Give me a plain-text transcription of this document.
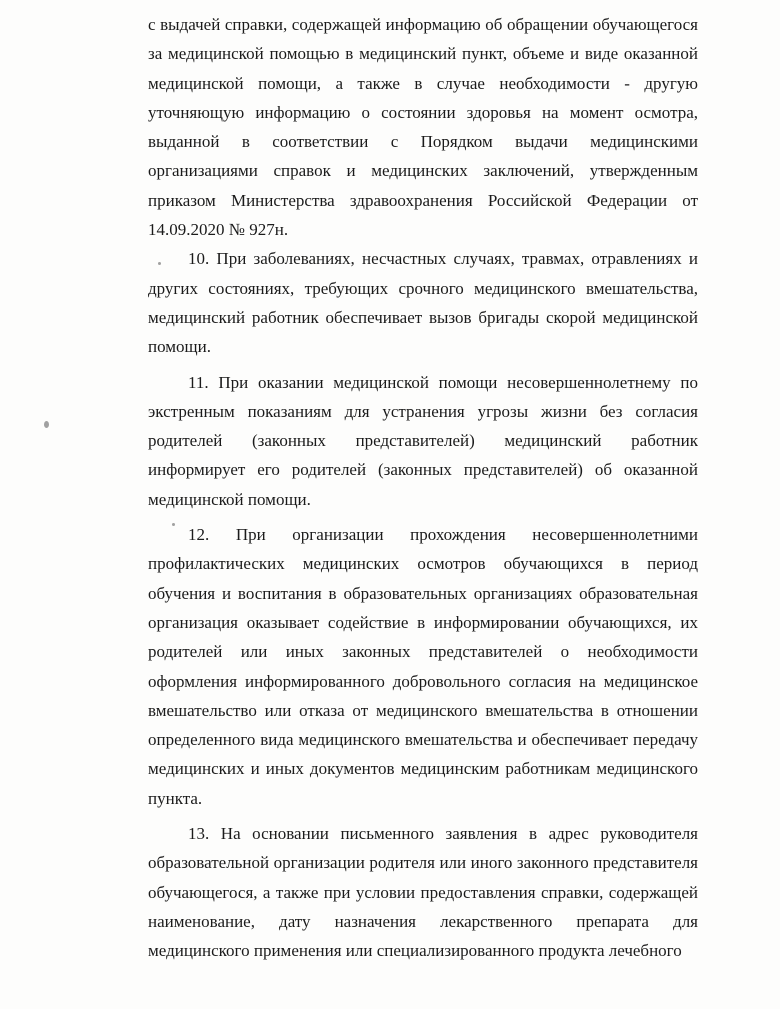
с выдачей справки, содержащей информацию об обращении обучающегося за медицинской помощью в медицинский пункт, объеме и виде оказанной медицинской помощи, а также в случае необходимости - другую уточняющую информацию о состоянии здоровья на момент осмотра, выданной в соответствии с Порядком выдачи медицинскими организациями справок и медицинских заключений, утвержденным приказом Министерства здравоохранения Российской Федерации от 14.09.2020 № 927н.

10. При заболеваниях, несчастных случаях, травмах, отравлениях и других состояниях, требующих срочного медицинского вмешательства, медицинский работник обеспечивает вызов бригады скорой медицинской помощи.

11. При оказании медицинской помощи несовершеннолетнему по экстренным показаниям для устранения угрозы жизни без согласия родителей (законных представителей) медицинский работник информирует его родителей (законных представителей) об оказанной медицинской помощи.

12. При организации прохождения несовершеннолетними профилактических медицинских осмотров обучающихся в период обучения и воспитания в образовательных организациях образовательная организация оказывает содействие в информировании обучающихся, их родителей или иных законных представителей о необходимости оформления информированного добровольного согласия на медицинское вмешательство или отказа от медицинского вмешательства в отношении определенного вида медицинского вмешательства и обеспечивает передачу медицинских и иных документов медицинским работникам медицинского пункта.

13. На основании письменного заявления в адрес руководителя образовательной организации родителя или иного законного представителя обучающегося, а также при условии предоставления справки, содержащей наименование, дату назначения лекарственного препарата для медицинского применения или специализированного продукта лечебного
